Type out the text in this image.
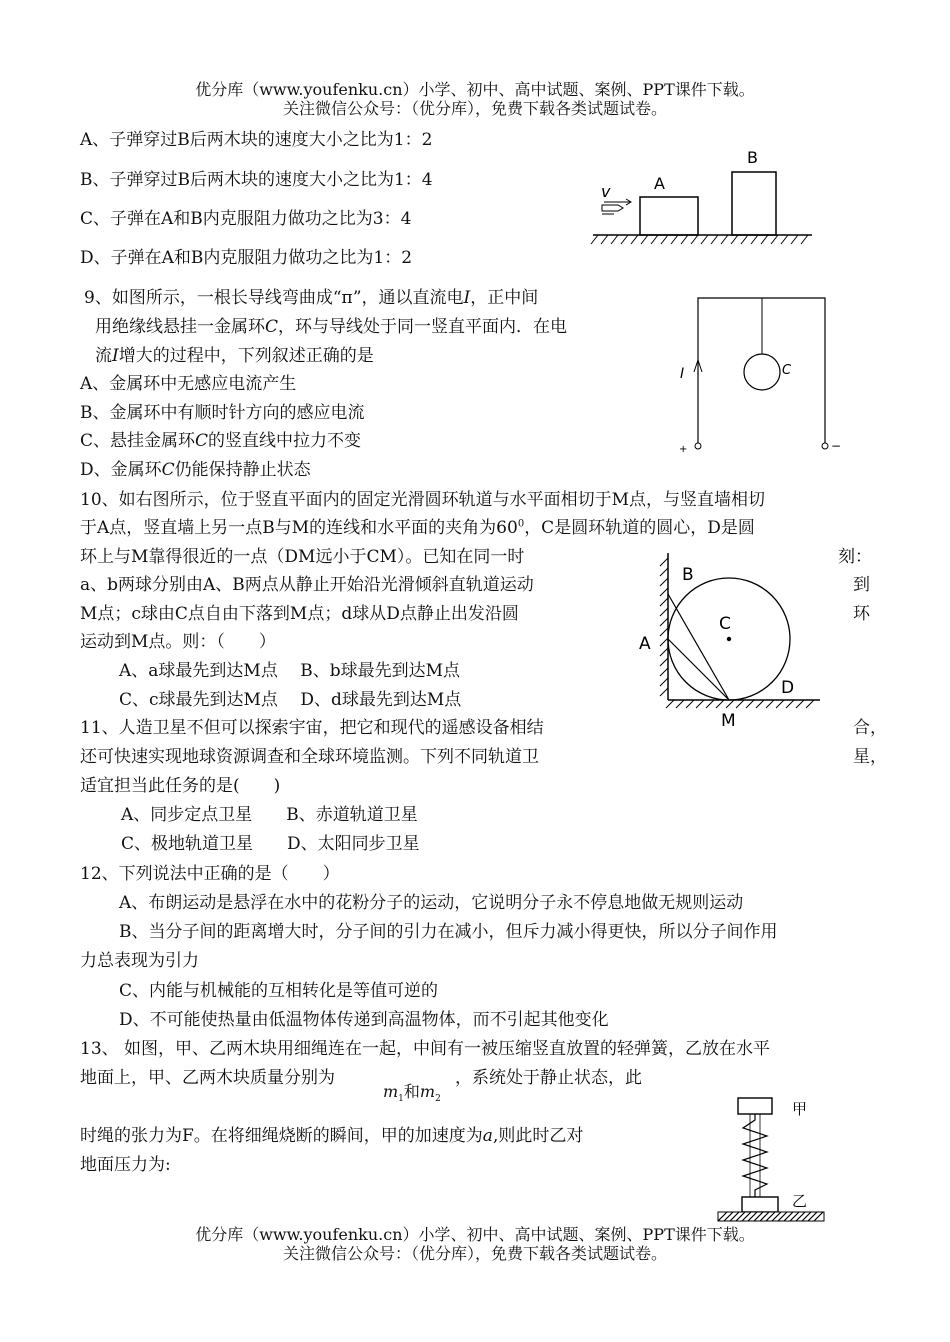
优分库（www.youfenku.cn）小学、初中、高中试题、案例、PPT课件下载。
关注微信公众号：（优分库），免费下载各类试题试卷。
A、子弹穿过B后两木块的速度大小之比为1：2
B、子弹穿过B后两木块的速度大小之比为1：4
C、子弹在A和B内克服阻力做功之比为3：4
D、子弹在A和B内克服阻力做功之比为1：2
v	A
B
9、如图所示，一根长导线弯曲成“п”，通以直流电I，正中间
用绝缘线悬挂一金属环C，环与导线处于同一竖直平面内．在电
流I增大的过程中，下列叙述正确的是
A、金属环中无感应电流产生
B、金属环中有顺时针方向的感应电流
C、悬挂金属环C的竖直线中拉力不变
D、金属环C仍能保持静止状态
I	C
+	−
10、如右图所示，位于竖直平面内的固定光滑圆环轨道与水平面相切于M点，与竖直墙相切
于A点，竖直墙上另一点B与M的连线和水平面的夹角为$60^0$，C是圆环轨道的圆心，D是圆
环上与M靠得很近的一点（DM远小于CM）。已知在同一时	刻：
a、b两球分别由A、B两点从静止开始沿光滑倾斜直轨道运动	到
M点；c球由C点自由下落到M点；d球从D点静止出发沿圆	环
运动到M点。则：（　　）
A、a球最先到达M点　 B、b球最先到达M点
C、c球最先到达M点　 D、d球最先到达M点
B
C
A
D
M
11、人造卫星不但可以探索宇宙，把它和现代的遥感设备相结	合，
还可快速实现地球资源调查和全球环境监测。下列不同轨道卫	星，
适宜担当此任务的是(　　)
A、同步定点卫星　　B、赤道轨道卫星
C、极地轨道卫星　　D、太阳同步卫星
12、下列说法中正确的是（　　）
A、布朗运动是悬浮在水中的花粉分子的运动，它说明分子永不停息地做无规则运动
B、当分子间的距离增大时，分子间的引力在减小，但斥力减小得更快，所以分子间作用
力总表现为引力
C、内能与机械能的互相转化是等值可逆的
D、不可能使热量由低温物体传递到高温物体，而不引起其他变化
13、 如图，甲、乙两木块用细绳连在一起，中间有一被压缩竖直放置的轻弹簧，乙放在水平
地面上，甲、乙两木块质量分别为
$m_1$和$m_2$
，系统处于静止状态，此
时绳的张力为F。在将细绳烧断的瞬间，甲的加速度为a,则此时乙对
地面压力为:
甲
乙
优分库（www.youfenku.cn）小学、初中、高中试题、案例、PPT课件下载。
关注微信公众号：（优分库），免费下载各类试题试卷。
